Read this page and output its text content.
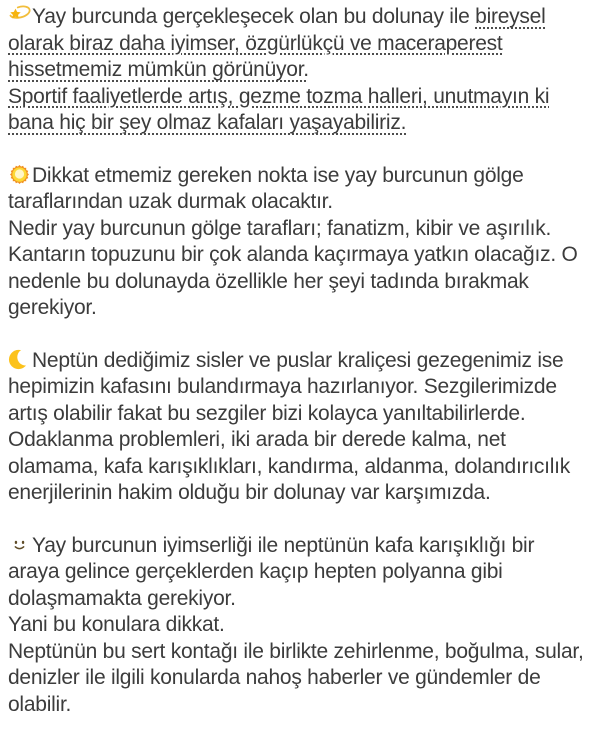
Yay burcunda gerçekleşecek olan bu dolunay ile bireysel olarak biraz daha iyimser, özgürlükçü ve maceraperest hissetmemiz mümkün görünüyor.
Sportif faaliyetlerde artış, gezme tozma halleri, unutmayın ki bana hiç bir şey olmaz kafaları yaşayabiliriz.

Dikkat etmemiz gereken nokta ise yay burcunun gölge taraflarından uzak durmak olacaktır.
Nedir yay burcunun gölge tarafları; fanatizm, kibir ve aşırılık.
Kantarın topuzunu bir çok alanda kaçırmaya yatkın olacağız. O nedenle bu dolunayda özellikle her şeyi tadında bırakmak gerekiyor.

Neptün dediğimiz sisler ve puslar kraliçesi gezegenimiz ise hepimizin kafasını bulandırmaya hazırlanıyor. Sezgilerimizde artış olabilir fakat bu sezgiler bizi kolayca yanıltabilirlerde. Odaklanma problemleri, iki arada bir derede kalma, net olamama, kafa karışıklıkları, kandırma, aldanma, dolandırıcılık enerjilerinin hakim olduğu bir dolunay var karşımızda.

Yay burcunun iyimserliği ile neptünün kafa karışıklığı bir araya gelince gerçeklerden kaçıp hepten polyanna gibi dolaşmamakta gerekiyor.
Yani bu konulara dikkat.
Neptünün bu sert kontağı ile birlikte zehirlenme, boğulma, sular, denizler ile ilgili konularda nahoş haberler ve gündemler de olabilir.
